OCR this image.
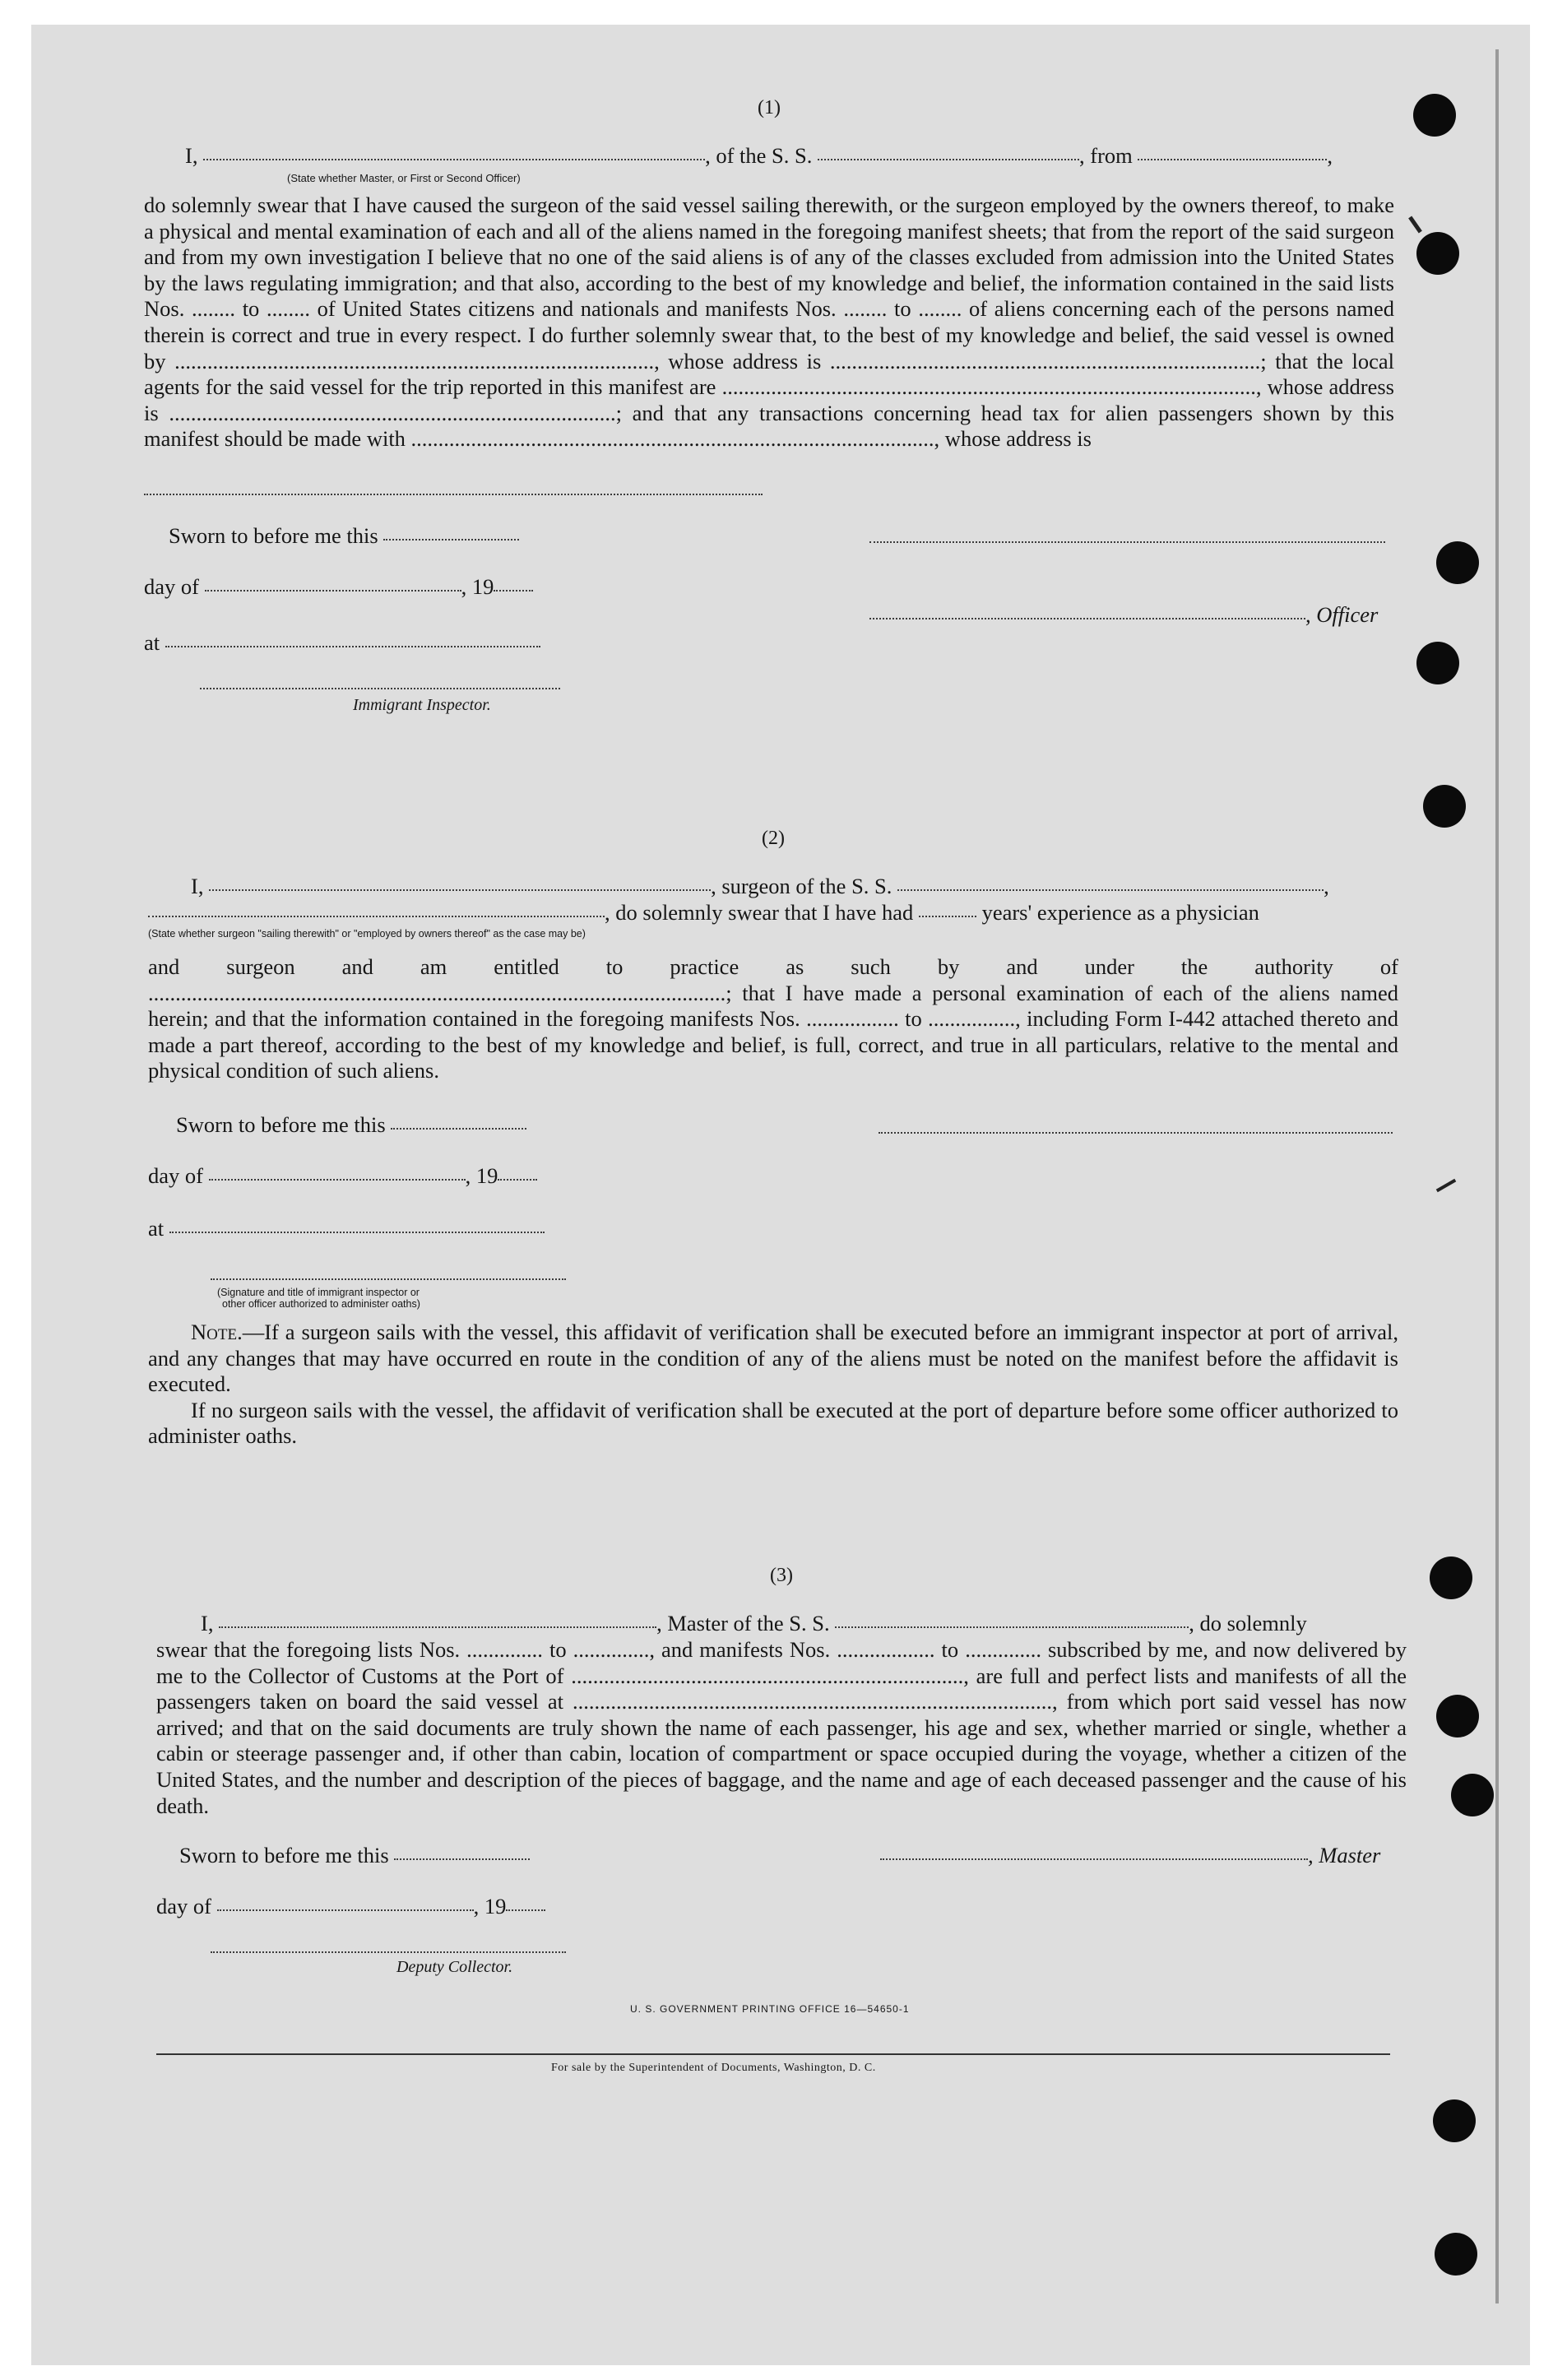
(1)
I,	, of the S. S.	, from	,
(State whether Master, or First or Second Officer)
do solemnly swear that I have caused the surgeon of the said vessel sailing therewith, or the surgeon employed by the owners thereof, to make a physical and mental examination of each and all of the aliens named in the foregoing manifest sheets; that from the report of the said surgeon and from my own investigation I believe that no one of the said aliens is of any of the classes excluded from admission into the United States by the laws regulating immigration; and that also, according to the best of my knowledge and belief, the information contained in the said lists Nos. ........ to ........ of United States citizens and nationals and manifests Nos. ........ to ........ of aliens concerning each of the persons named therein is correct and true in every respect. I do further solemnly swear that, to the best of my knowledge and belief, the said vessel is owned by ........................................................................................, whose address is ...............................................................................; that the local agents for the said vessel for the trip reported in this manifest are .................................................................................................., whose address is ..................................................................................; and that any transactions concerning head tax for alien passengers shown by this manifest should be made with ................................................................................................, whose address is
Sworn to before me this
day of	, 19
, Officer
at
Immigrant Inspector.
(2)
I,	, surgeon of the S. S.	,
, do solemnly swear that I have had	years' experience as a physician
(State whether surgeon "sailing therewith" or "employed by owners thereof" as the case may be)
and surgeon and am entitled to practice as such by and under the authority of ..........................................................................................................; that I have made a personal examination of each of the aliens named herein; and that the information contained in the foregoing manifests Nos. ................. to ................, including Form I-442 attached thereto and made a part thereof, according to the best of my knowledge and belief, is full, correct, and true in all particulars, relative to the mental and physical condition of such aliens.
Sworn to before me this
day of	, 19
at
(Signature and title of immigrant inspector or
other officer authorized to administer oaths)
Note.—If a surgeon sails with the vessel, this affidavit of verification shall be executed before an immigrant inspector at port of arrival, and any changes that may have occurred en route in the condition of any of the aliens must be noted on the manifest before the affidavit is executed.
If no surgeon sails with the vessel, the affidavit of verification shall be executed at the port of departure before some officer authorized to administer oaths.
(3)
I,	, Master of the S. S.	, do solemnly
swear that the foregoing lists Nos. .............. to .............., and manifests Nos. .................. to .............. subscribed by me, and now delivered by me to the Collector of Customs at the Port of ........................................................................, are full and perfect lists and manifests of all the passengers taken on board the said vessel at ........................................................................................, from which port said vessel has now arrived; and that on the said documents are truly shown the name of each passenger, his age and sex, whether married or single, whether a cabin or steerage passenger and, if other than cabin, location of compartment or space occupied during the voyage, whether a citizen of the United States, and the number and description of the pieces of baggage, and the name and age of each deceased passenger and the cause of his death.
Sworn to before me this	, Master
day of	, 19
Deputy Collector.
U. S. GOVERNMENT PRINTING OFFICE 16—54650-1
For sale by the Superintendent of Documents, Washington, D. C.
